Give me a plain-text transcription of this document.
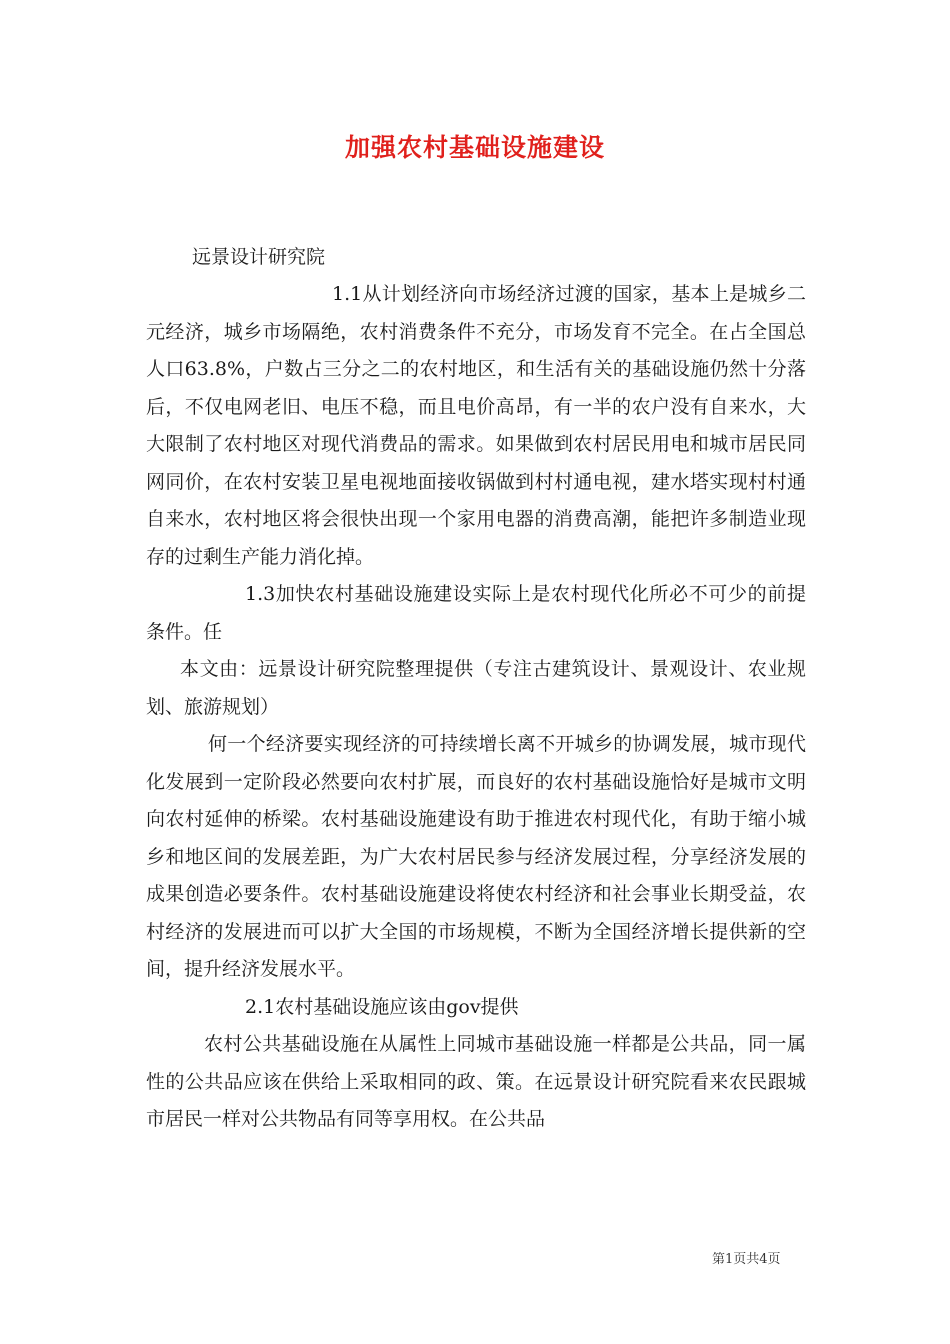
加强农村基础设施建设
远景设计研究院

1.1从计划经济向市场经济过渡的国家，基本上是城乡二元经济，城乡市场隔绝，农村消费条件不充分，市场发育不完全。在占全国总人口63.8%，户数占三分之二的农村地区，和生活有关的基础设施仍然十分落后，不仅电网老旧、电压不稳，而且电价高昂，有一半的农户没有自来水，大大限制了农村地区对现代消费品的需求。如果做到农村居民用电和城市居民同网同价，在农村安装卫星电视地面接收锅做到村村通电视，建水塔实现村村通自来水，农村地区将会很快出现一个家用电器的消费高潮，能把许多制造业现存的过剩生产能力消化掉。

1.3加快农村基础设施建设实际上是农村现代化所必不可少的前提条件。任

本文由：远景设计研究院整理提供（专注古建筑设计、景观设计、农业规划、旅游规划）

何一个经济要实现经济的可持续增长离不开城乡的协调发展，城市现代化发展到一定阶段必然要向农村扩展，而良好的农村基础设施恰好是城市文明向农村延伸的桥梁。农村基础设施建设有助于推进农村现代化，有助于缩小城乡和地区间的发展差距，为广大农村居民参与经济发展过程，分享经济发展的成果创造必要条件。农村基础设施建设将使农村经济和社会事业长期受益，农村经济的发展进而可以扩大全国的市场规模，不断为全国经济增长提供新的空间，提升经济发展水平。

2.1农村基础设施应该由gov提供

农村公共基础设施在从属性上同城市基础设施一样都是公共品，同一属性的公共品应该在供给上采取相同的政、策。在远景设计研究院看来农民跟城市居民一样对公共物品有同等享用权。在公共品

第1页共4页
